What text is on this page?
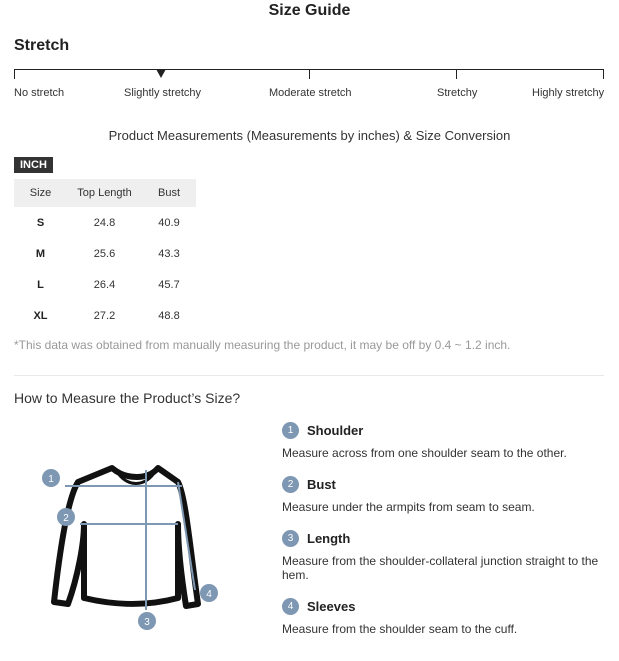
Size Guide
Stretch
No stretch	Slightly stretchy	Moderate stretch	Stretchy	Highly stretchy
Product Measurements (Measurements by inches) & Size Conversion
INCH
Size	Top Length	Bust
S	24.8	40.9
M	25.6	43.3
L	26.4	45.7
XL	27.2	48.8
*This data was obtained from manually measuring the product, it may be off by 0.4 ~ 1.2 inch.
How to Measure the Product’s Size?
1
2
3
4
1	Shoulder
Measure across from one shoulder seam to the other.
2	Bust
Measure under the armpits from seam to seam.
3	Length
Measure from the shoulder-collateral junction straight to the hem.
4	Sleeves
Measure from the shoulder seam to the cuff.
